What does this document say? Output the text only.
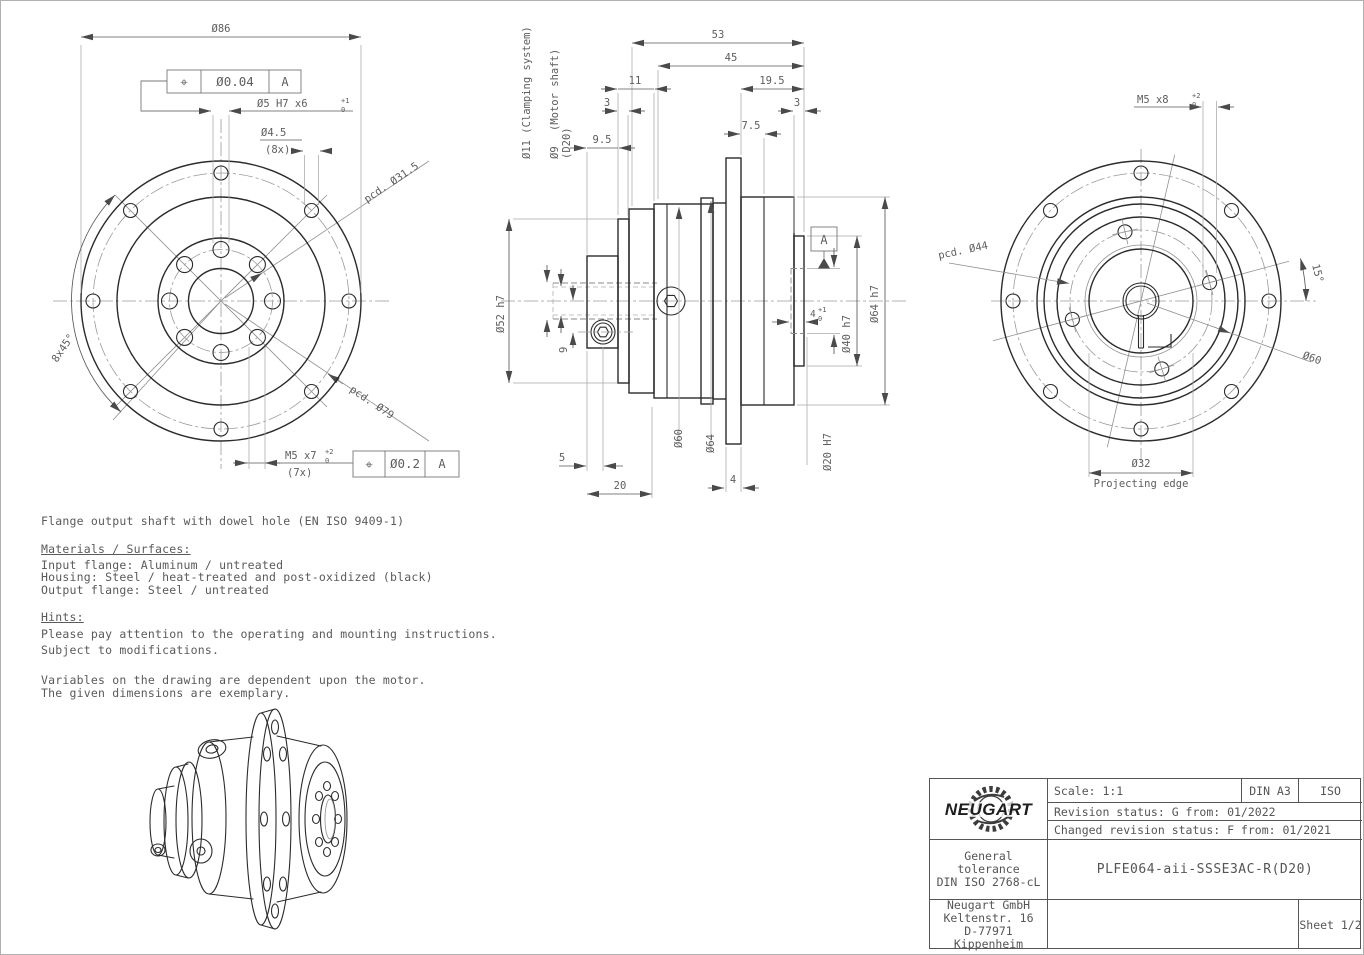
Ø86
⌖ Ø0.04 A
Ø5 H7 x6	+1
0
Ø4.5
(8x)
pcd. Ø31.5
pcd. Ø79
8x45°
M5 x7 +2
0
(7x)	⌖ Ø0.2 A
Ø11 (Clamping system) Ø9 (D20)
(Motor shaft)
53
45
11	19.5
3	3
7.5
9.5
Ø52 h7
9
5
20	4
Ø60 Ø64	Ø20 H7
4 +1
0 Ø40 h7
Ø64 h7
A
M5 x8	+2
0
pcd. Ø44
15°
Ø60
Ø32
Projecting edge
Flange output shaft with dowel hole (EN ISO 9409-1)
Materials / Surfaces:
Input flange: Aluminum / untreated
Housing: Steel / heat-treated and post-oxidized (black)
Output flange: Steel / untreated
Hints:
Please pay attention to the operating and mounting instructions.
Subject to modifications.
Variables on the drawing are dependent upon the motor.
The given dimensions are exemplary.
NEUGART
Scale: 1:1	DIN A3	ISO
Revision status: G from: 01/2022
Changed revision status: F from: 01/2021
General
tolerance
DIN ISO 2768-cL
PLFE064-aii-SSSE3AC-R(D20)
Neugart GmbH
Keltenstr. 16
D-77971 Kippenheim
Sheet 1/2
